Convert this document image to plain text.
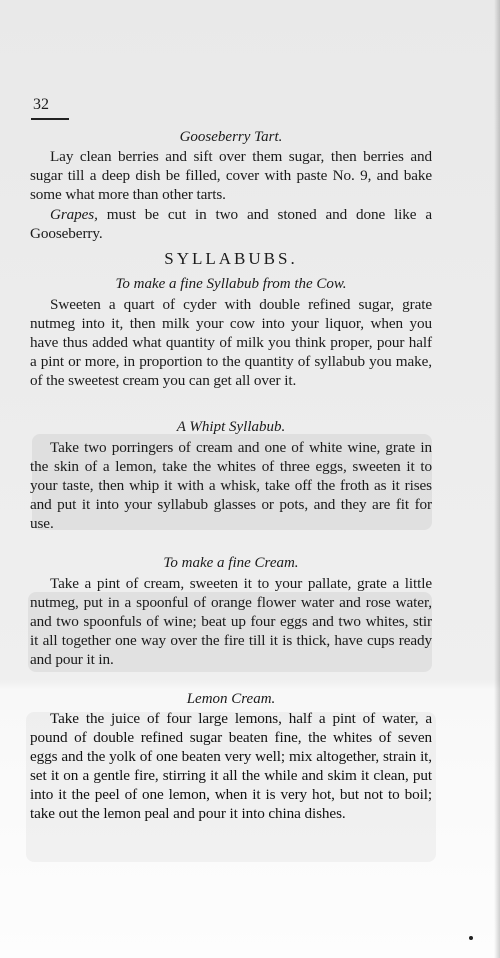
32
Gooseberry Tart.
Lay clean berries and sift over them sugar, then berries and sugar till a deep dish be filled, cover with paste No. 9, and bake some what more than other tarts.
Grapes, must be cut in two and stoned and done like a Gooseberry.
SYLLABUBS.
To make a fine Syllabub from the Cow.
Sweeten a quart of cyder with double refined sugar, grate nutmeg into it, then milk your cow into your liquor, when you have thus added what quantity of milk you think proper, pour half a pint or more, in proportion to the quantity of syllabub you make, of the sweetest cream you can get all over it.
A Whipt Syllabub.
Take two porringers of cream and one of white wine, grate in the skin of a lemon, take the whites of three eggs, sweeten it to your taste, then whip it with a whisk, take off the froth as it rises and put it into your syllabub glasses or pots, and they are fit for use.
To make a fine Cream.
Take a pint of cream, sweeten it to your pallate, grate a little nutmeg, put in a spoonful of orange flower water and rose water, and two spoonfuls of wine; beat up four eggs and two whites, stir it all together one way over the fire till it is thick, have cups ready and pour it in.
Lemon Cream.
Take the juice of four large lemons, half a pint of water, a pound of double refined sugar beaten fine, the whites of seven eggs and the yolk of one beaten very well; mix altogether, strain it, set it on a gentle fire, stirring it all the while and skim it clean, put into it the peel of one lemon, when it is very hot, but not to boil; take out the lemon peal and pour it into china dishes.
